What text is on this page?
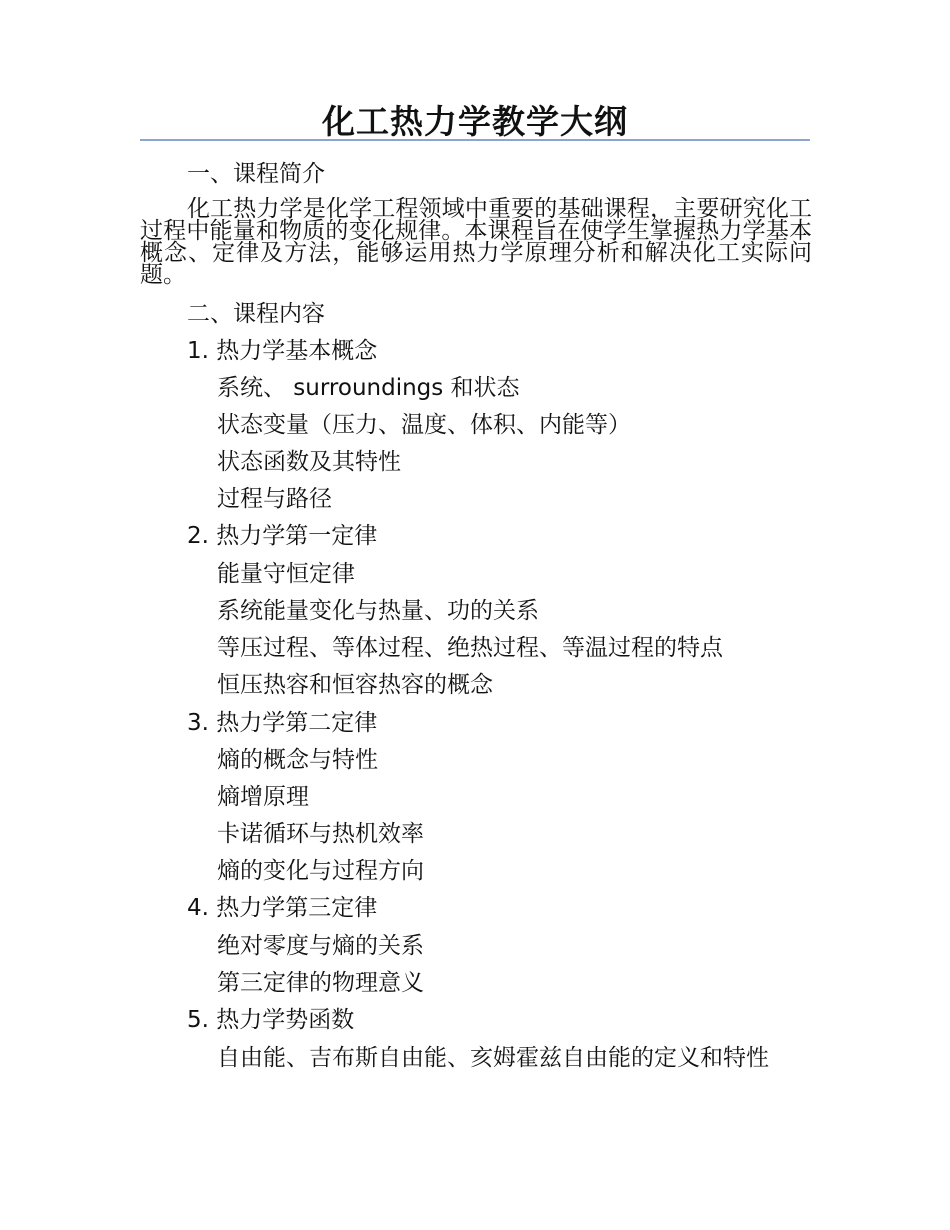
化工热力学教学大纲

一、课程简介

化工热力学是化学工程领域中重要的基础课程，主要研究化工过程中能量和物质的变化规律。本课程旨在使学生掌握热力学基本概念、定律及方法，能够运用热力学原理分析和解决化工实际问题。

二、课程内容

1. 热力学基本概念

系统、 surroundings 和状态

状态变量（压力、温度、体积、内能等）

状态函数及其特性

过程与路径

2. 热力学第一定律

能量守恒定律

系统能量变化与热量、功的关系

等压过程、等体过程、绝热过程、等温过程的特点

恒压热容和恒容热容的概念

3. 热力学第二定律

熵的概念与特性

熵增原理

卡诺循环与热机效率

熵的变化与过程方向

4. 热力学第三定律

绝对零度与熵的关系

第三定律的物理意义

5. 热力学势函数

自由能、吉布斯自由能、亥姆霍兹自由能的定义和特性
